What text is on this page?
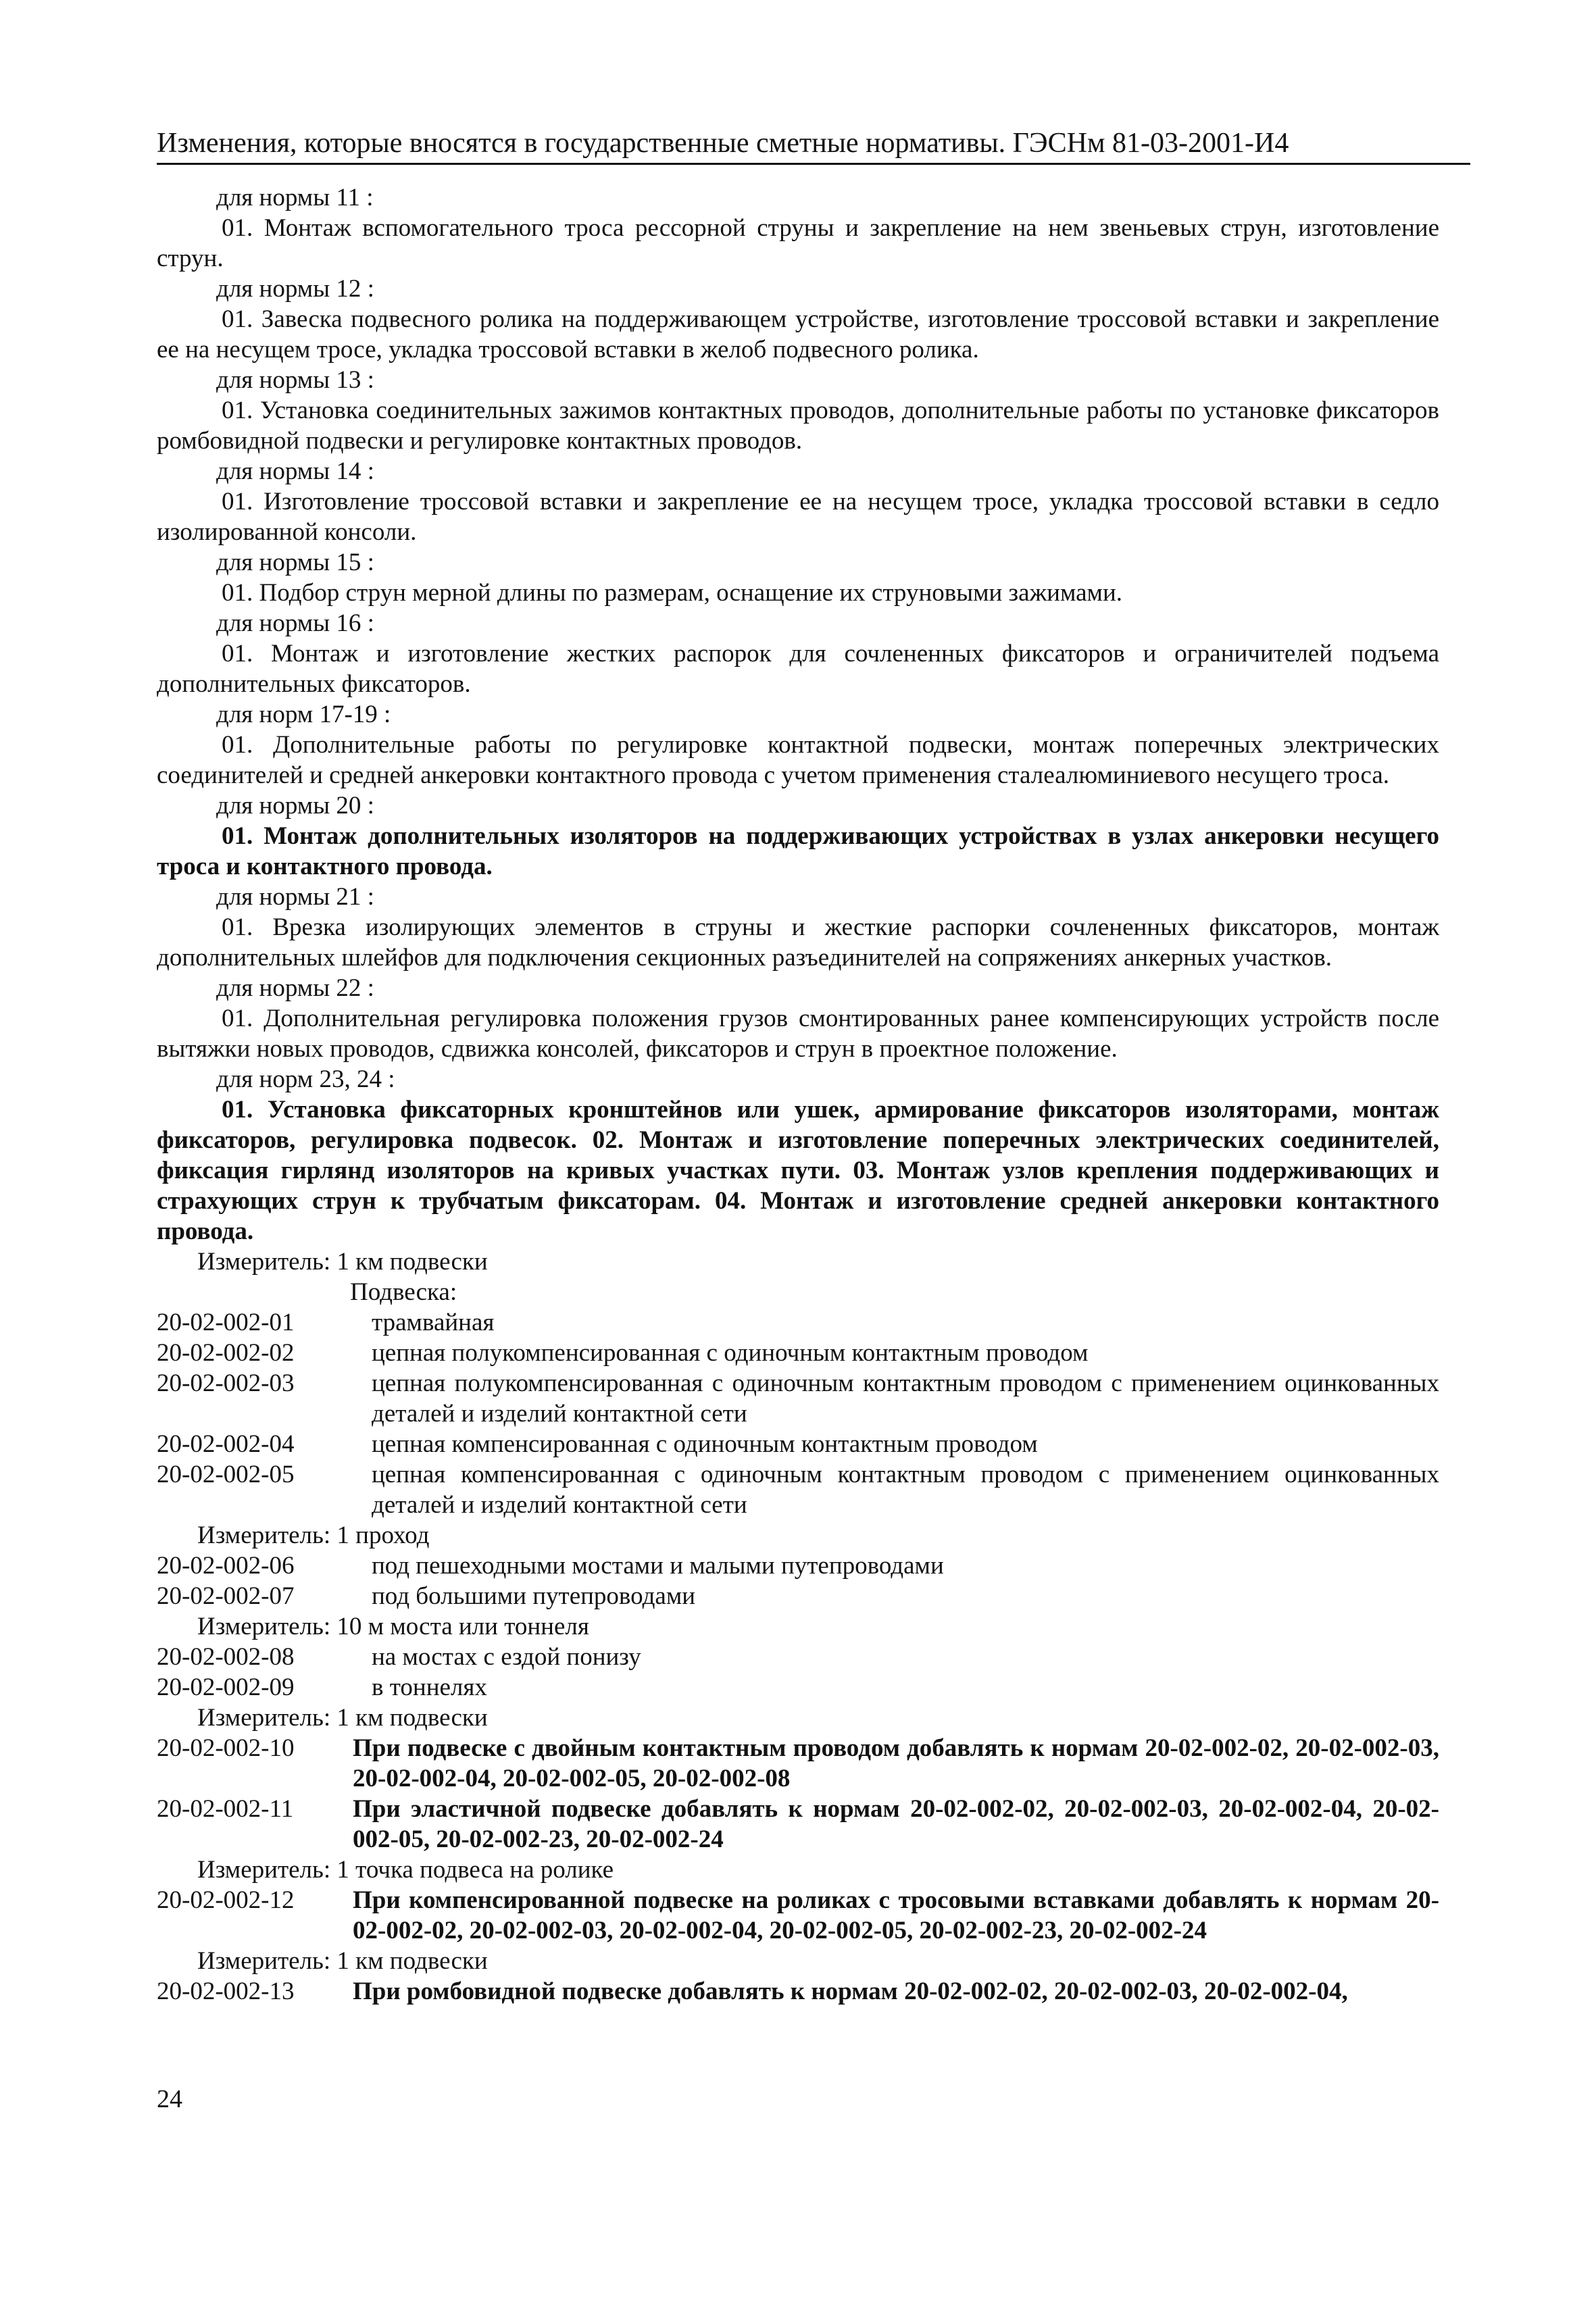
Изменения, которые вносятся в государственные сметные нормативы. ГЭСНм 81-03-2001-И4
для нормы 11 :

01. Монтаж вспомогательного троса рессорной струны и закрепление на нем звеньевых струн, изготовление струн.

для нормы 12 :

01. Завеска подвесного ролика на поддерживающем устройстве, изготовление тросcовой вставки и закрепление ее на несущем тросе, укладка тросcовой вставки в желоб подвесного ролика.

для нормы 13 :

01. Установка соединительных зажимов контактных проводов, дополнительные работы по установке фиксаторов ромбовидной подвески и регулировке контактных проводов.

для нормы 14 :

01. Изготовление тросcовой вставки и закрепление ее на несущем тросе, укладка тросcовой вставки в седло изолированной консоли.

для нормы 15 :

01. Подбор струн мерной длины по размерам, оснащение их струновыми зажимами.

для нормы 16 :

01. Монтаж и изготовление жестких распорок для сочлененных фиксаторов и ограничителей подъема дополнительных фиксаторов.

для норм 17-19 :

01. Дополнительные работы по регулировке контактной подвески, монтаж поперечных электрических соединителей и средней анкеровки контактного провода с учетом применения сталеалюминиевого несущего троса.

для нормы 20 :

01. Монтаж дополнительных изоляторов на поддерживающих устройствах в узлах анкеровки несущего троса и контактного провода.

для нормы 21 :

01. Врезка изолирующих элементов в струны и жесткие распорки сочлененных фиксаторов, монтаж дополнительных шлейфов для подключения секционных разъединителей на сопряжениях анкерных участков.

для нормы 22 :

01. Дополнительная регулировка положения грузов смонтированных ранее компенсирующих устройств после вытяжки новых проводов, сдвижка консолей, фиксаторов и струн в проектное положение.

для норм 23, 24 :

01. Установка фиксаторных кронштейнов или ушек, армирование фиксаторов изоляторами, монтаж фиксаторов, регулировка подвесок. 02. Монтаж и изготовление поперечных электрических соединителей, фиксация гирлянд изоляторов на кривых участках пути. 03. Монтаж узлов крепления поддерживающих и страхующих струн к трубчатым фиксаторам. 04. Монтаж и изготовление средней анкеровки контактного провода.

Измеритель: 1 км подвески
Подвеска:
20-02-002-01	трамвайная
20-02-002-02	цепная полукомпенсированная с одиночным контактным проводом
20-02-002-03	цепная полукомпенсированная с одиночным контактным проводом с применением оцинкованных деталей и изделий контактной сети
20-02-002-04	цепная компенсированная с одиночным контактным проводом
20-02-002-05	цепная компенсированная с одиночным контактным проводом с применением оцинкованных деталей и изделий контактной сети
Измеритель: 1 проход
20-02-002-06	под пешеходными мостами и малыми путепроводами
20-02-002-07	под большими путепроводами
Измеритель: 10 м моста или тоннеля
20-02-002-08	на мостах с ездой понизу
20-02-002-09	в тоннелях
Измеритель: 1 км подвески
20-02-002-10	При подвеске с двойным контактным проводом добавлять к нормам 20-02-002-02, 20-02-002-03, 20-02-002-04, 20-02-002-05, 20-02-002-08
20-02-002-11	При эластичной подвеске добавлять к нормам 20-02-002-02, 20-02-002-03, 20-02-002-04, 20-02-002-05, 20-02-002-23, 20-02-002-24
Измеритель: 1 точка подвеса на ролике
20-02-002-12	При компенсированной подвеске на роликах с тросовыми вставками добавлять к нормам 20-02-002-02, 20-02-002-03, 20-02-002-04, 20-02-002-05, 20-02-002-23, 20-02-002-24
Измеритель: 1 км подвески
20-02-002-13	При ромбовидной подвеске добавлять к нормам 20-02-002-02, 20-02-002-03, 20-02-002-04,
24
